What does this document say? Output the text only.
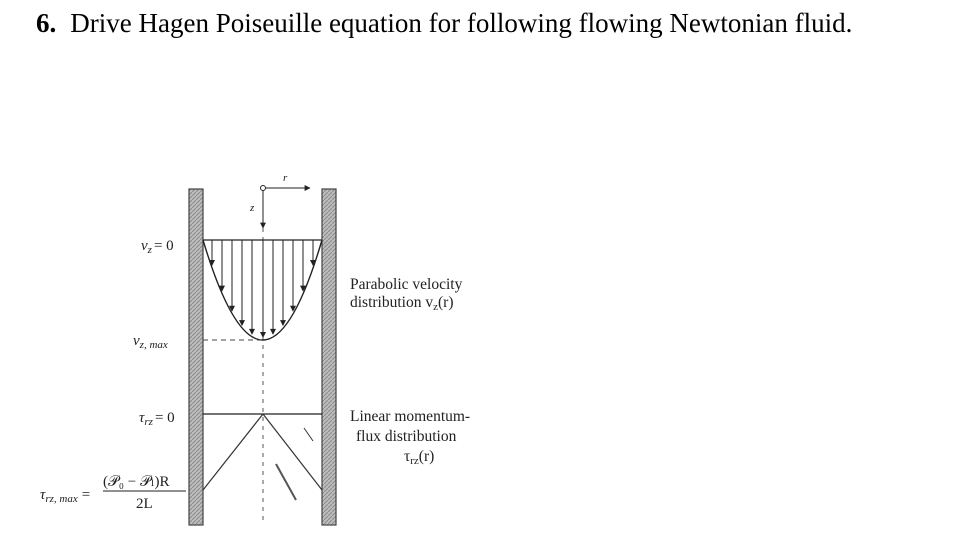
6. Drive Hagen Poiseuille equation for following flowing Newtonian fluid.
r
z
$v_z = 0$
$v_{z, max}$
$\tau_{rz} = 0$
$\tau_{rz, max}$ =
(𝒫₀ − 𝒫ₗ)R
2L
Parabolic velocity
distribution vz(r)
Linear momentum-
flux distribution
τrz(r)
